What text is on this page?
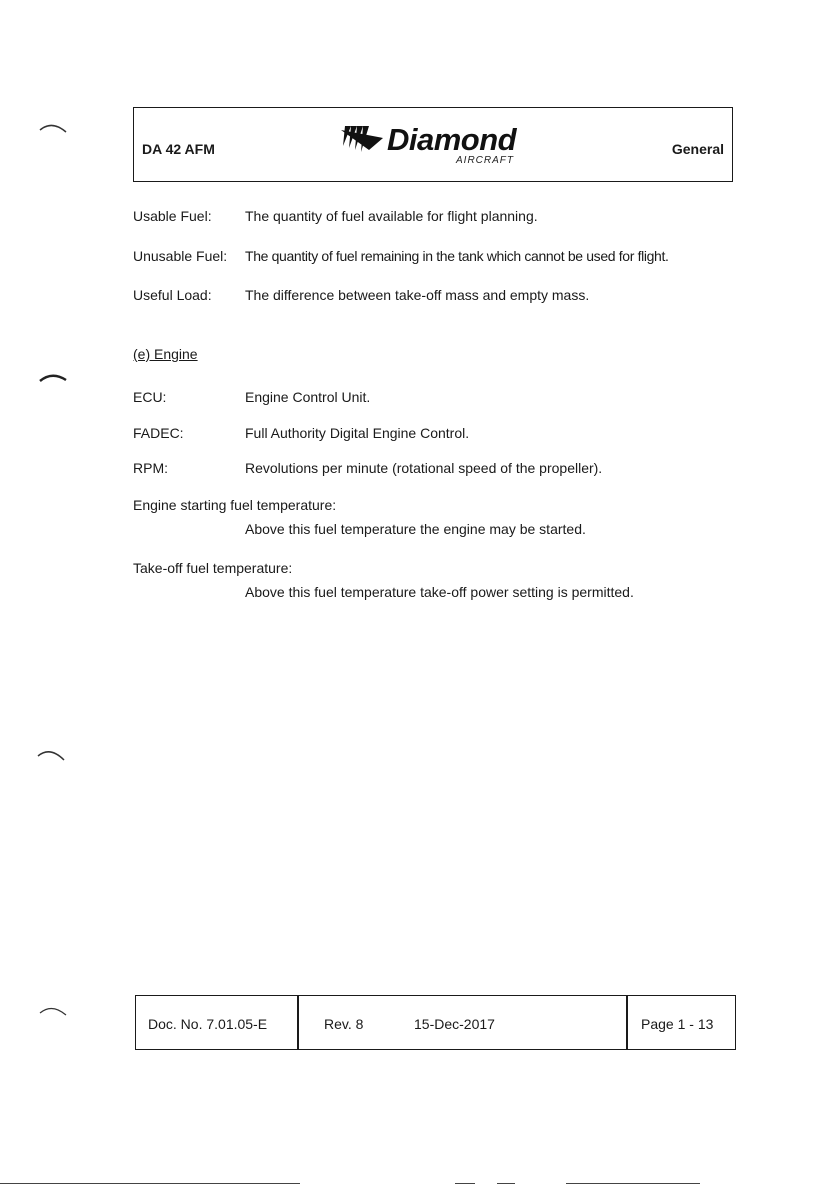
DA 42 AFM	Diamond
AIRCRAFT
General
Usable Fuel: The quantity of fuel available for flight planning.
Unusable Fuel: The quantity of fuel remaining in the tank which cannot be used for flight.
Useful Load: The difference between take-off mass and empty mass.
(e) Engine
ECU:	Engine Control Unit.
FADEC:	Full Authority Digital Engine Control.
RPM:	Revolutions per minute (rotational speed of the propeller).
Engine starting fuel temperature:
Above this fuel temperature the engine may be started.
Take-off fuel temperature:
Above this fuel temperature take-off power setting is permitted.
Doc. No. 7.01.05-E	Rev. 8	15-Dec-2017	Page 1 - 13
